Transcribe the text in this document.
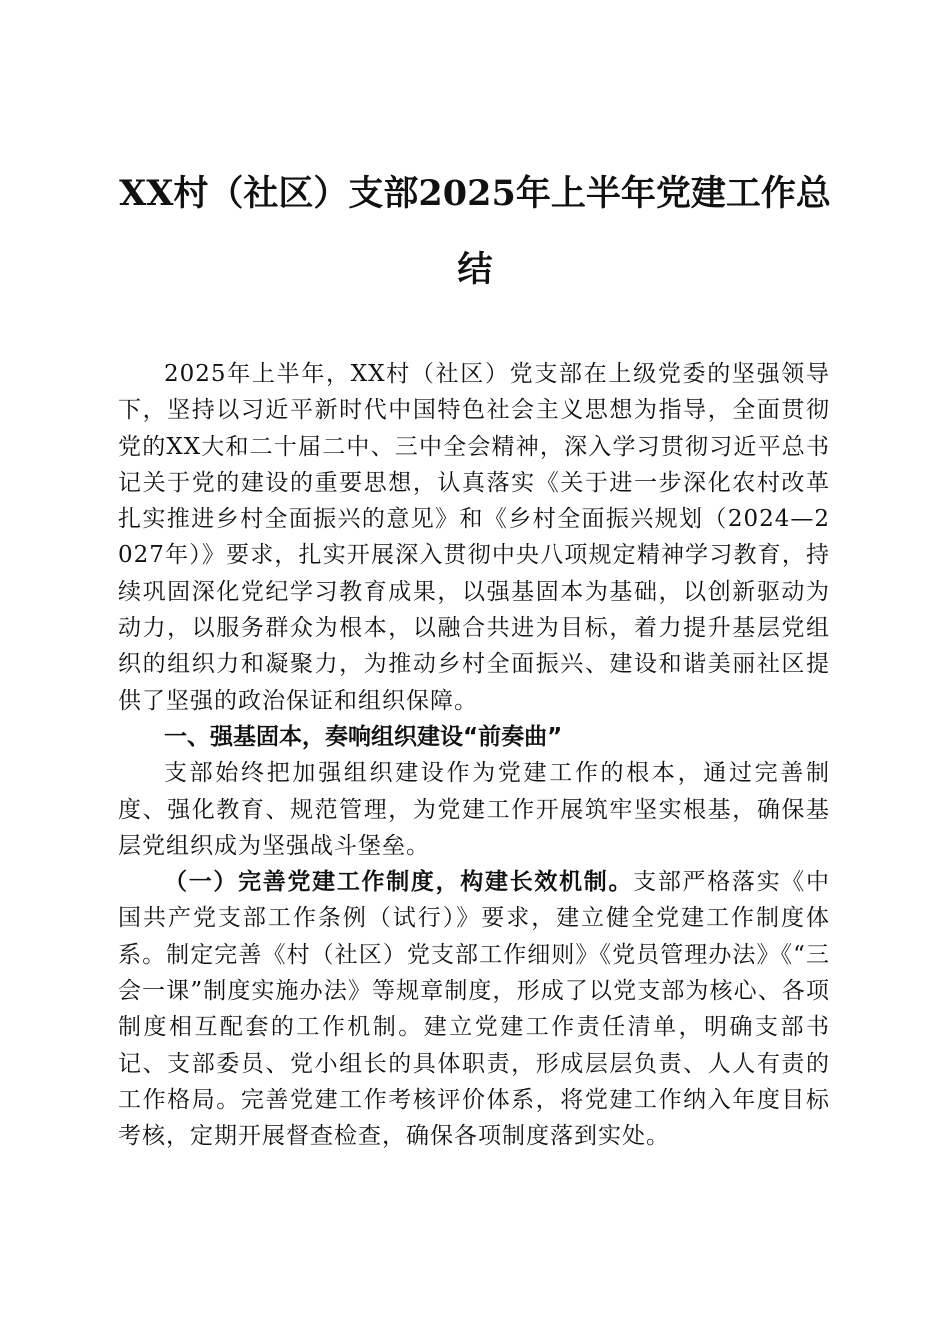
XX村（社区）支部2025年上半年党建工作总结

2025年上半年，XX村（社区）党支部在上级党委的坚强领导下，坚持以习近平新时代中国特色社会主义思想为指导，全面贯彻党的XX大和二十届二中、三中全会精神，深入学习贯彻习近平总书记关于党的建设的重要思想，认真落实《关于进一步深化农村改革扎实推进乡村全面振兴的意见》和《乡村全面振兴规划（2024—2027年）》要求，扎实开展深入贯彻中央八项规定精神学习教育，持续巩固深化党纪学习教育成果，以强基固本为基础，以创新驱动为动力，以服务群众为根本，以融合共进为目标，着力提升基层党组织的组织力和凝聚力，为推动乡村全面振兴、建设和谐美丽社区提供了坚强的政治保证和组织保障。

一、强基固本，奏响组织建设“前奏曲”

支部始终把加强组织建设作为党建工作的根本，通过完善制度、强化教育、规范管理，为党建工作开展筑牢坚实根基，确保基层党组织成为坚强战斗堡垒。

（一）完善党建工作制度，构建长效机制。支部严格落实《中国共产党支部工作条例（试行）》要求，建立健全党建工作制度体系。制定完善《村（社区）党支部工作细则》《党员管理办法》《“三会一课”制度实施办法》等规章制度，形成了以党支部为核心、各项制度相互配套的工作机制。建立党建工作责任清单，明确支部书记、支部委员、党小组长的具体职责，形成层层负责、人人有责的工作格局。完善党建工作考核评价体系，将党建工作纳入年度目标考核，定期开展督查检查，确保各项制度落到实处。
